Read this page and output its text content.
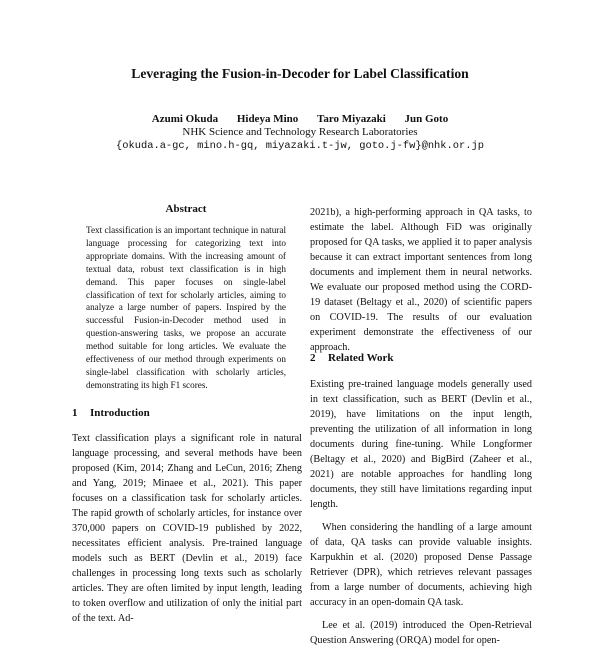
Leveraging the Fusion-in-Decoder for Label Classification
Azumi Okuda Hideya Mino Taro Miyazaki Jun Goto
NHK Science and Technology Research Laboratories
{okuda.a-gc, mino.h-gq, miyazaki.t-jw, goto.j-fw}@nhk.or.jp
Abstract

Text classification is an important technique in natural language processing for categorizing text into appropriate domains. With the increasing amount of textual data, robust text classification is in high demand. This paper focuses on single-label classification of text for scholarly articles, aiming to analyze a large number of papers. Inspired by the successful Fusion-in-Decoder method used in question-answering tasks, we propose an accurate method suitable for long articles. We evaluate the effectiveness of our method through experiments on single-label classification with scholarly articles, demonstrating its high F1 scores.

1 Introduction

Text classification plays a significant role in natural language processing, and several methods have been proposed (Kim, 2014; Zhang and LeCun, 2016; Zheng and Yang, 2019; Minaee et al., 2021). This paper focuses on a classification task for scholarly articles. The rapid growth of scholarly articles, for instance over 370,000 papers on COVID-19 published by 2022, necessitates efficient analysis. Pre-trained language models such as BERT (Devlin et al., 2019) face challenges in processing long texts such as scholarly articles. They are often limited by input length, leading to token overflow and utilization of only the initial part of the text. Ad-

2021b), a high-performing approach in QA tasks, to estimate the label. Although FiD was originally proposed for QA tasks, we applied it to paper analysis because it can extract important sentences from long documents and implement them in neural networks. We evaluate our proposed method using the CORD-19 dataset (Beltagy et al., 2020) of scientific papers on COVID-19. The results of our evaluation experiment demonstrate the effectiveness of our approach.

2 Related Work

Existing pre-trained language models generally used in text classification, such as BERT (Devlin et al., 2019), have limitations on the input length, preventing the utilization of all information in long documents during fine-tuning. While Longformer (Beltagy et al., 2020) and BigBird (Zaheer et al., 2021) are notable approaches for handling long documents, they still have limitations regarding input length.

When considering the handling of a large amount of data, QA tasks can provide valuable insights. Karpukhin et al. (2020) proposed Dense Passage Retriever (DPR), which retrieves relevant passages from a large number of documents, achieving high accuracy in an open-domain QA task.

Lee et al. (2019) introduced the Open-Retrieval Question Answering (ORQA) model for open-
